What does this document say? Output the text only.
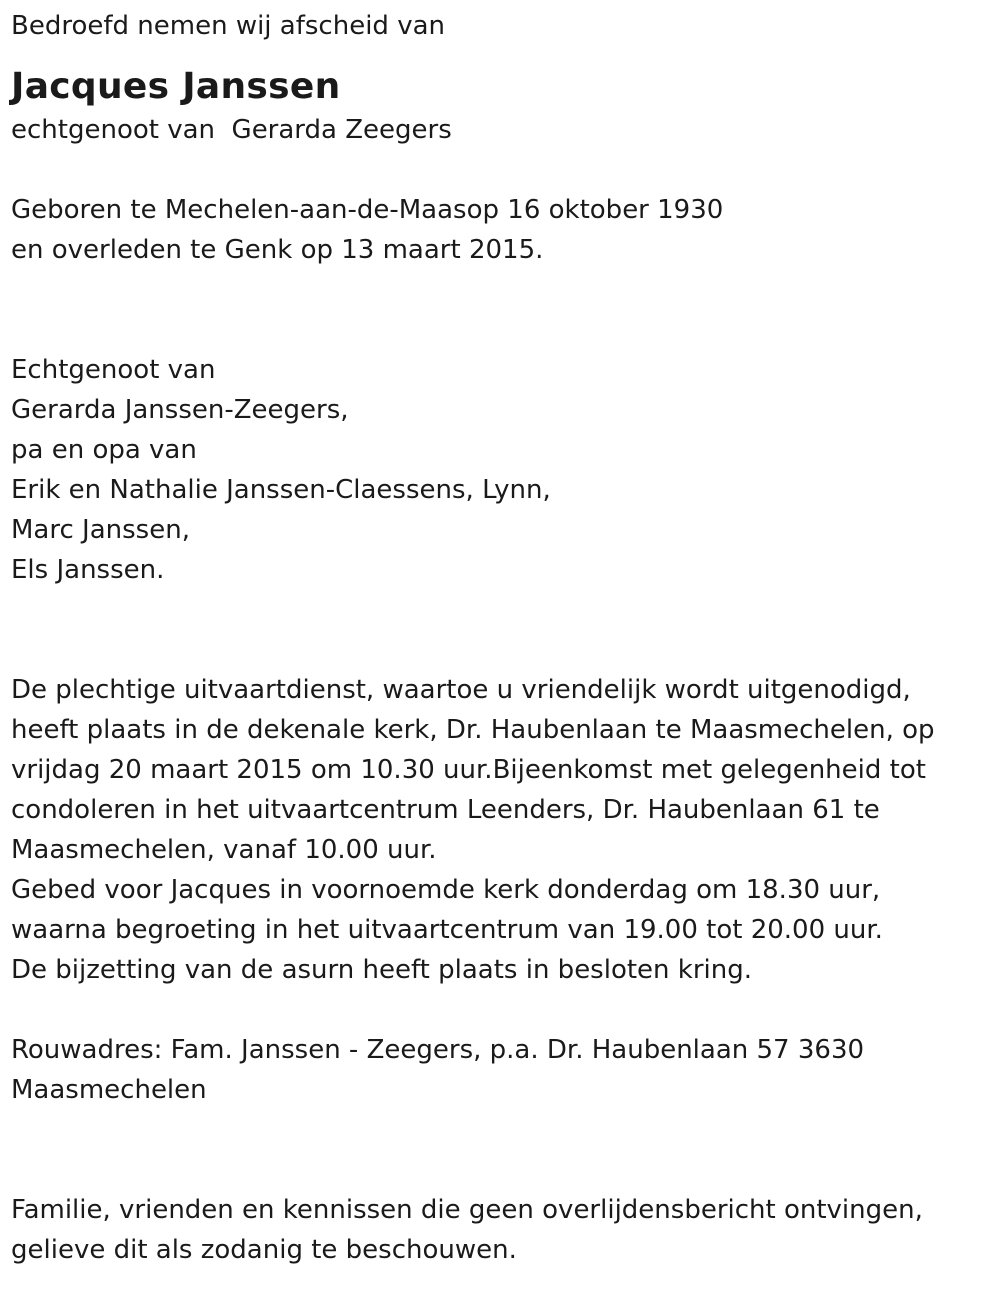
Bedroefd nemen wij afscheid van

Jacques Janssen

echtgenoot van  Gerarda Zeegers

Geboren te Mechelen-aan-de-Maasop 16 oktober 1930

en overleden te Genk op 13 maart 2015.

Echtgenoot van

Gerarda Janssen-Zeegers,

pa en opa van

Erik en Nathalie Janssen-Claessens, Lynn,

Marc Janssen,

Els Janssen.

De plechtige uitvaartdienst, waartoe u vriendelijk wordt uitgenodigd,

heeft plaats in de dekenale kerk, Dr. Haubenlaan te Maasmechelen, op

vrijdag 20 maart 2015 om 10.30 uur.Bijeenkomst met gelegenheid tot

condoleren in het uitvaartcentrum Leenders, Dr. Haubenlaan 61 te

Maasmechelen, vanaf 10.00 uur.

Gebed voor Jacques in voornoemde kerk donderdag om 18.30 uur,

waarna begroeting in het uitvaartcentrum van 19.00 tot 20.00 uur.

De bijzetting van de asurn heeft plaats in besloten kring.

Rouwadres: Fam. Janssen - Zeegers, p.a. Dr. Haubenlaan 57 3630

Maasmechelen

Familie, vrienden en kennissen die geen overlijdensbericht ontvingen,

gelieve dit als zodanig te beschouwen.
